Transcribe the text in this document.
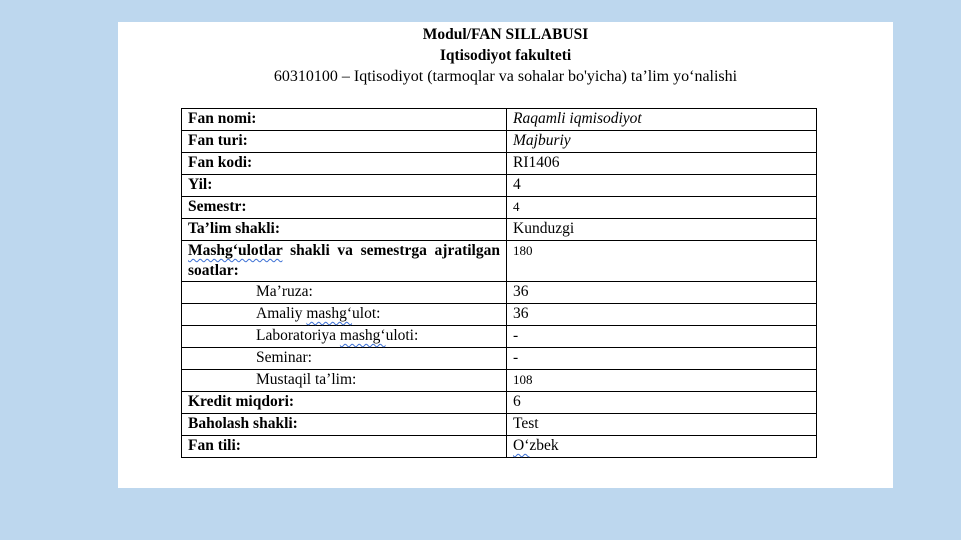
Modul/FAN SILLABUSI
Iqtisodiyot fakulteti
60310100 – Iqtisodiyot (tarmoqlar va sohalar bo'yicha) ta’lim yo‘nalishi
Fan nomi:	Raqamli iqmisodiyot
Fan turi:	Majburiy
Fan kodi:	RI1406
Yil:	4
Semestr:	4
Ta’lim shakli:	Kunduzgi
Mashg‘ulotlar shakli va semestrga ajratilgan soatlar:	180
Ma’ruza:	36
Amaliy mashg‘ulot:	36
Laboratoriya mashg‘uloti:	-
Seminar:	-
Mustaqil ta’lim:	108
Kredit miqdori:	6
Baholash shakli:	Test
Fan tili:	O‘zbek
